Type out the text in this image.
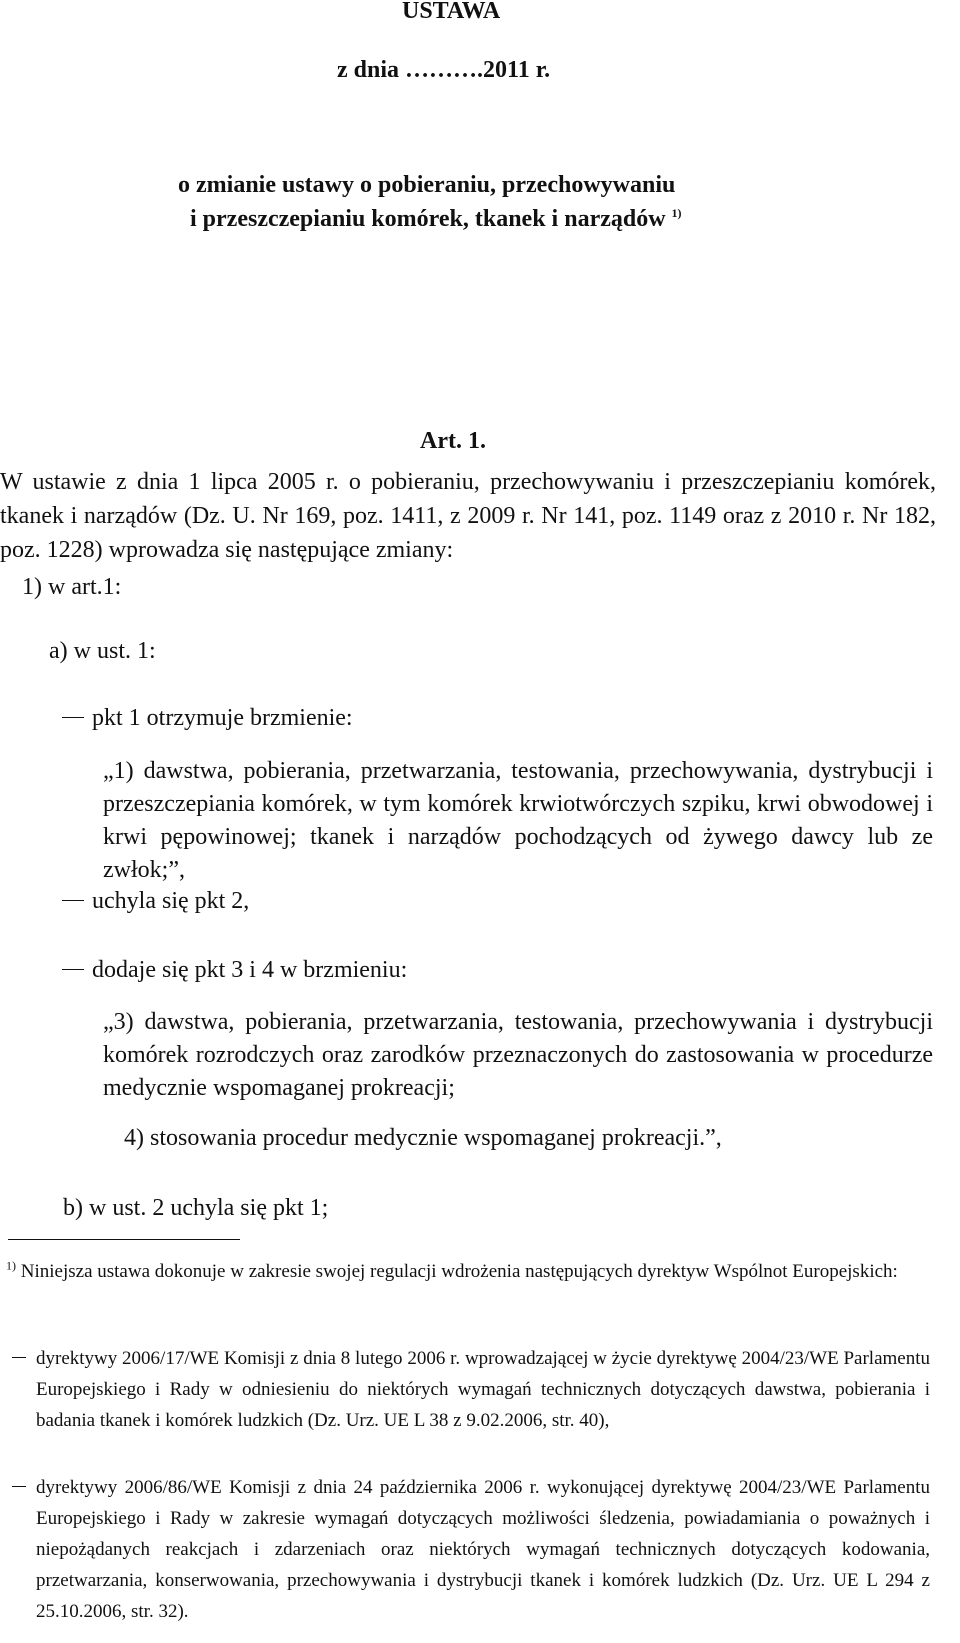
USTAWA
z dnia ……….2011 r.
o zmianie ustawy o pobieraniu, przechowywaniu
i przeszczepianiu komórek, tkanek i narządów $^{1)}$
Art. 1.
W ustawie z dnia 1 lipca 2005 r. o pobieraniu, przechowywaniu i przeszczepianiu komórek, tkanek i narządów (Dz. U. Nr 169, poz. 1411, z 2009 r. Nr 141, poz. 1149 oraz z 2010 r. Nr 182, poz. 1228) wprowadza się następujące zmiany:
1) w art.1:
a) w ust. 1:
pkt 1 otrzymuje brzmienie:
„1) dawstwa, pobierania, przetwarzania, testowania, przechowywania, dystrybucji i przeszczepiania komórek, w tym komórek krwiotwórczych szpiku, krwi obwodowej i krwi pępowinowej; tkanek i narządów pochodzących od żywego dawcy lub ze zwłok;”,
uchyla się pkt 2,
dodaje się pkt 3 i 4 w brzmieniu:
„3) dawstwa, pobierania, przetwarzania, testowania, przechowywania i dystrybucji komórek rozrodczych oraz zarodków przeznaczonych do zastosowania w procedurze medycznie wspomaganej prokreacji;
4) stosowania procedur medycznie wspomaganej prokreacji.”,
b) w ust. 2 uchyla się pkt 1;
$^{1)}$ Niniejsza ustawa dokonuje w zakresie swojej regulacji wdrożenia następujących dyrektyw Wspólnot Europejskich:
dyrektywy 2006/17/WE Komisji z dnia 8 lutego 2006 r. wprowadzającej w życie dyrektywę 2004/23/WE Parlamentu Europejskiego i Rady w odniesieniu do niektórych wymagań technicznych dotyczących dawstwa, pobierania i badania tkanek i komórek ludzkich (Dz. Urz. UE L 38 z 9.02.2006, str. 40),
dyrektywy 2006/86/WE Komisji z dnia 24 października 2006 r. wykonującej dyrektywę 2004/23/WE Parlamentu Europejskiego i Rady w zakresie wymagań dotyczących możliwości śledzenia, powiadamiania o poważnych i niepożądanych reakcjach i zdarzeniach oraz niektórych wymagań technicznych dotyczących kodowania, przetwarzania, konserwowania, przechowywania i dystrybucji tkanek i komórek ludzkich (Dz. Urz. UE L 294 z 25.10.2006, str. 32).
